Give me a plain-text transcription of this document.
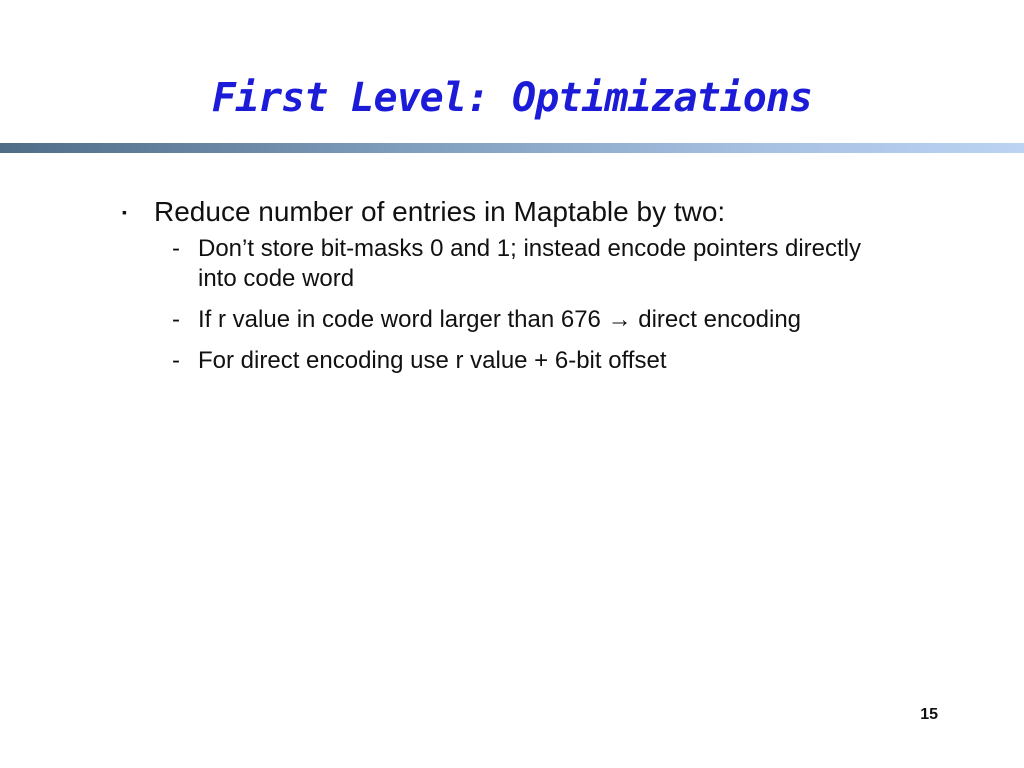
First Level: Optimizations
▪ Reduce number of entries in Maptable by two:
- Don’t store bit-masks 0 and 1; instead encode pointers directly into code word
- If r value in code word larger than 676 → direct encoding
- For direct encoding use r value + 6-bit offset
15
